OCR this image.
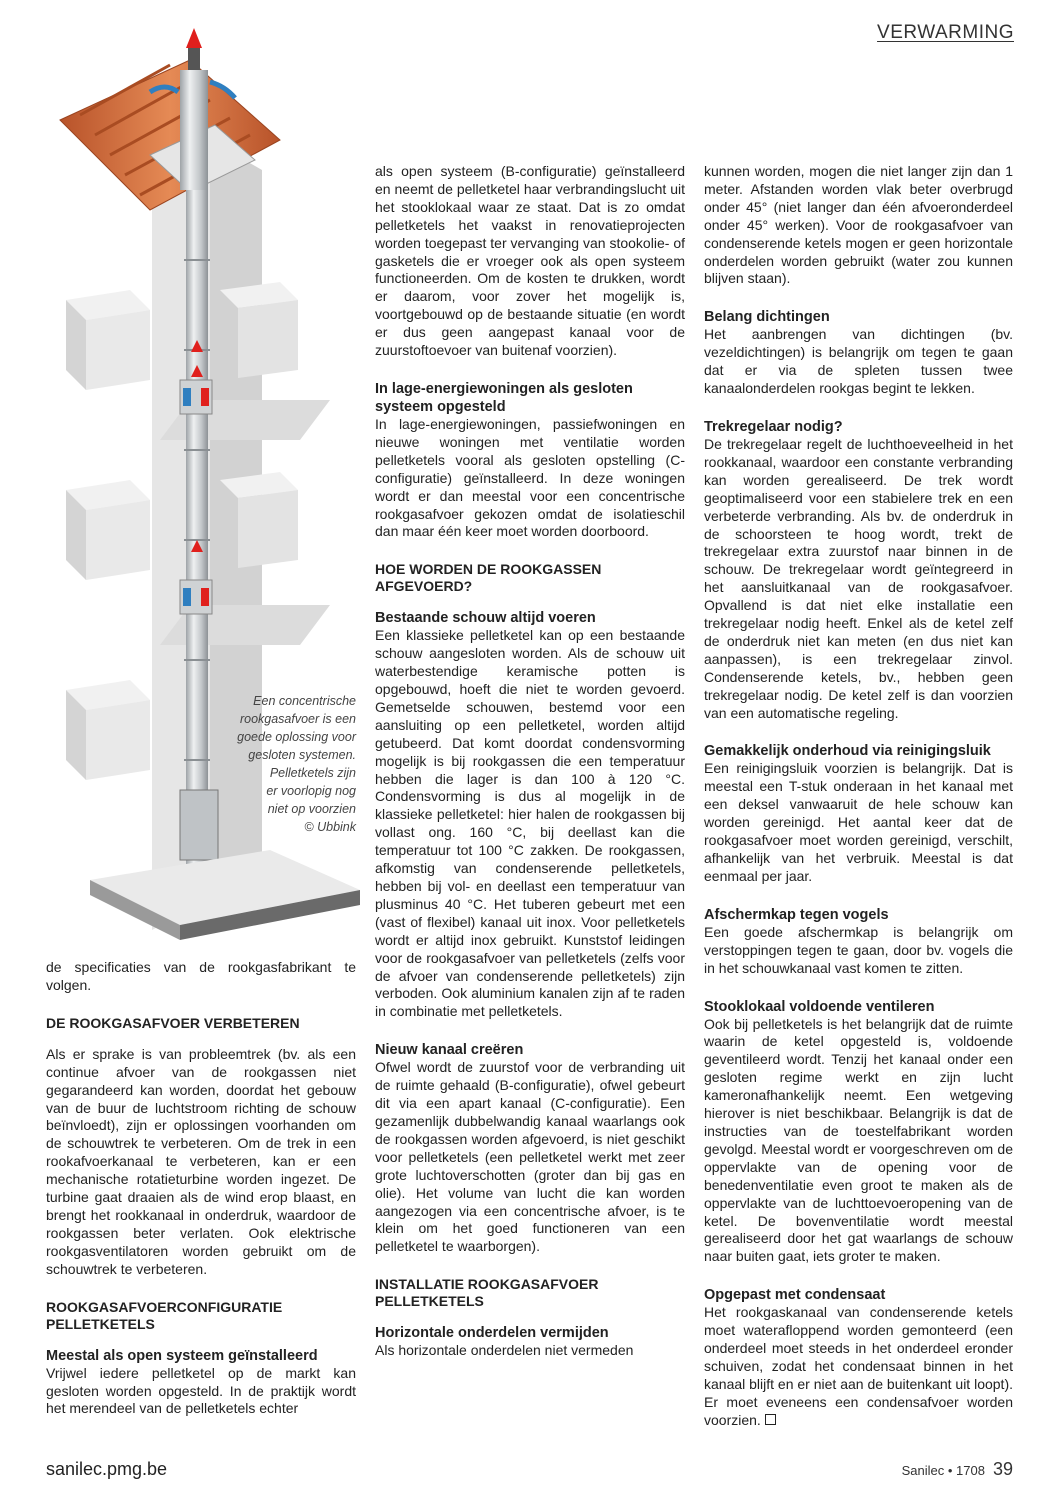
VERWARMING
Een concentrische
rookgasafvoer is een
goede oplossing voor
gesloten systemen.
Pelletketels zijn
er voorlopig nog
niet op voorzien
© Ubbink

de specificaties van de rookgasfabrikant te volgen.

DE ROOKGASAFVOER VERBETEREN

Als er sprake is van probleemtrek (bv. als een continue afvoer van de rookgassen niet gegarandeerd kan worden, doordat het gebouw van de buur de luchtstroom richting de schouw beïnvloedt), zijn er oplossingen voorhanden om de schouwtrek te verbeteren. Om de trek in een rookafvoerkanaal te verbeteren, kan er een mechanische rotatieturbine worden ingezet. De turbine gaat draaien als de wind erop blaast, en brengt het rookkanaal in onderdruk, waardoor de rookgassen beter verlaten. Ook elektrische rookgasventilatoren worden gebruikt om de schouwtrek te verbeteren.

ROOKGASAFVOERCONFIGURATIE PELLETKETELS
Meestal als open systeem geïnstalleerd

Vrijwel iedere pelletketel op de markt kan gesloten worden opgesteld. In de praktijk wordt het merendeel van de pelletketels echter

als open systeem (B-configuratie) geïnstalleerd en neemt de pelletketel haar verbrandingslucht uit het stooklokaal waar ze staat. Dat is zo omdat pelletketels het vaakst in renovatieprojecten worden toegepast ter vervanging van stookolie- of gasketels die er vroeger ook als open systeem functioneerden. Om de kosten te drukken, wordt er daarom, voor zover het mogelijk is, voortgebouwd op de bestaande situatie (en wordt er dus geen aangepast kanaal voor de zuurstoftoevoer van buitenaf voorzien).

In lage-energiewoningen als gesloten systeem opgesteld

In lage-energiewoningen, passiefwoningen en nieuwe woningen met ventilatie worden pelletketels vooral als gesloten opstelling (C-configuratie) geïnstalleerd. In deze woningen wordt er dan meestal voor een concentrische rookgasafvoer gekozen omdat de isolatieschil dan maar één keer moet worden doorboord.

HOE WORDEN DE ROOKGASSEN AFGEVOERD?
Bestaande schouw altijd voeren

Een klassieke pelletketel kan op een bestaande schouw aangesloten worden. Als de schouw uit waterbestendige keramische potten is opgebouwd, hoeft die niet te worden gevoerd. Gemetselde schouwen, bestemd voor een aansluiting op een pelletketel, worden altijd getubeerd. Dat komt doordat condensvorming mogelijk is bij rookgassen die een temperatuur hebben die lager is dan 100 à 120 °C. Condensvorming is dus al mogelijk in de klassieke pelletketel: hier halen de rookgassen bij vollast ong. 160 °C, bij deellast kan die temperatuur tot 100 °C zakken. De rookgassen, afkomstig van condenserende pelletketels, hebben bij vol- en deellast een temperatuur van plusminus 40 °C. Het tuberen gebeurt met een (vast of flexibel) kanaal uit inox. Voor pelletketels wordt er altijd inox gebruikt. Kunststof leidingen voor de rookgasafvoer van pelletketels (zelfs voor de afvoer van condenserende pelletketels) zijn verboden. Ook aluminium kanalen zijn af te raden in combinatie met pelletketels.

Nieuw kanaal creëren

Ofwel wordt de zuurstof voor de verbranding uit de ruimte gehaald (B-configuratie), ofwel gebeurt dit via een apart kanaal (C-configuratie). Een gezamenlijk dubbelwandig kanaal waarlangs ook de rookgassen worden afgevoerd, is niet geschikt voor pelletketels (een pelletketel werkt met zeer grote luchtoverschotten (groter dan bij gas en olie). Het volume van lucht die kan worden aangezogen via een concentrische afvoer, is te klein om het goed functioneren van een pelletketel te waarborgen).

INSTALLATIE ROOKGASAFVOER PELLETKETELS
Horizontale onderdelen vermijden

Als horizontale onderdelen niet vermeden

kunnen worden, mogen die niet langer zijn dan 1 meter. Afstanden worden vlak beter overbrugd onder 45° (niet langer dan één afvoeronderdeel onder 45° werken). Voor de rookgasafvoer van condenserende ketels mogen er geen horizontale onderdelen worden gebruikt (water zou kunnen blijven staan).

Belang dichtingen

Het aanbrengen van dichtingen (bv. vezeldichtingen) is belangrijk om tegen te gaan dat er via de spleten tussen twee kanaalonderdelen rookgas begint te lekken.

Trekregelaar nodig?

De trekregelaar regelt de luchthoeveelheid in het rookkanaal, waardoor een constante verbranding kan worden gerealiseerd. De trek wordt geoptimaliseerd voor een stabielere trek en een verbeterde verbranding. Als bv. de onderdruk in de schoorsteen te hoog wordt, trekt de trekregelaar extra zuurstof naar binnen in de schouw. De trekregelaar wordt geïntegreerd in het aansluitkanaal van de rookgasafvoer. Opvallend is dat niet elke installatie een trekregelaar nodig heeft. Enkel als de ketel zelf de onderdruk niet kan meten (en dus niet kan aanpassen), is een trekregelaar zinvol. Condenserende ketels, bv., hebben geen trekregelaar nodig. De ketel zelf is dan voorzien van een automatische regeling.

Gemakkelijk onderhoud via reinigingsluik

Een reinigingsluik voorzien is belangrijk. Dat is meestal een T-stuk onderaan in het kanaal met een deksel vanwaaruit de hele schouw kan worden gereinigd. Het aantal keer dat de rookgasafvoer moet worden gereinigd, verschilt, afhankelijk van het verbruik. Meestal is dat eenmaal per jaar.

Afschermkap tegen vogels

Een goede afschermkap is belangrijk om verstoppingen tegen te gaan, door bv. vogels die in het schouwkanaal vast komen te zitten.

Stooklokaal voldoende ventileren

Ook bij pelletketels is het belangrijk dat de ruimte waarin de ketel opgesteld is, voldoende geventileerd wordt. Tenzij het kanaal onder een gesloten regime werkt en zijn lucht kameronafhankelijk neemt. Een wetgeving hierover is niet beschikbaar. Belangrijk is dat de instructies van de toestelfabrikant worden gevolgd. Meestal wordt er voorgeschreven om de oppervlakte van de opening voor de benedenventilatie even groot te maken als de oppervlakte van de luchttoevoeropening van de ketel. De bovenventilatie wordt meestal gerealiseerd door het gat waarlangs de schouw naar buiten gaat, iets groter te maken.

Opgepast met condensaat

Het rookgaskanaal van condenserende ketels moet waterafloppend worden gemonteerd (een onderdeel moet steeds in het onderdeel eronder schuiven, zodat het condensaat binnen in het kanaal blijft en er niet aan de buitenkant uit loopt). Er moet eveneens een condensafvoer worden voorzien.

sanilec.pmg.be	Sanilec • 1708 39
